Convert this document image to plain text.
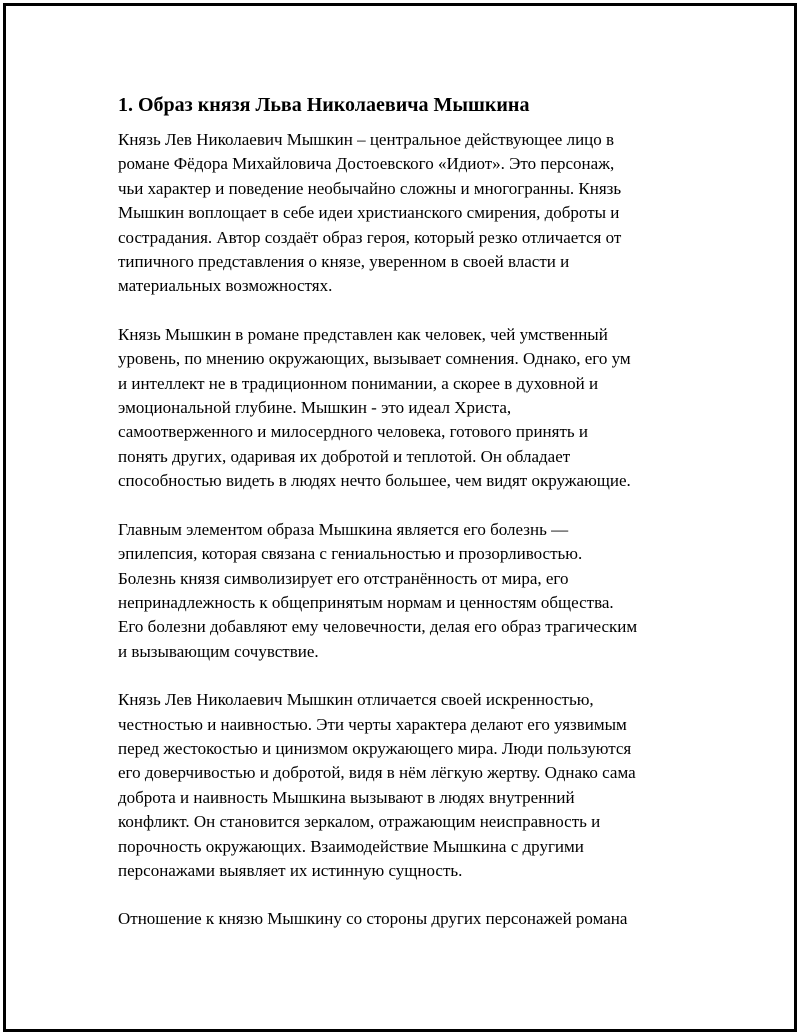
1. Образ князя Льва Николаевича Мышкина
Князь Лев Николаевич Мышкин – центральное действующее лицо в
романе Фёдора Михайловича Достоевского «Идиот». Это персонаж,
чьи характер и поведение необычайно сложны и многогранны. Князь
Мышкин воплощает в себе идеи христианского смирения, доброты и
сострадания. Автор создаёт образ героя, который резко отличается от
типичного представления о князе, уверенном в своей власти и
материальных возможностях.
Князь Мышкин в романе представлен как человек, чей умственный
уровень, по мнению окружающих, вызывает сомнения. Однако, его ум
и интеллект не в традиционном понимании, а скорее в духовной и
эмоциональной глубине. Мышкин - это идеал Христа,
самоотверженного и милосердного человека, готового принять и
понять других, одаривая их добротой и теплотой. Он обладает
способностью видеть в людях нечто большее, чем видят окружающие.
Главным элементом образа Мышкина является его болезнь —
эпилепсия, которая связана с гениальностью и прозорливостью.
Болезнь князя символизирует его отстранённость от мира, его
непринадлежность к общепринятым нормам и ценностям общества.
Его болезни добавляют ему человечности, делая его образ трагическим
и вызывающим сочувствие.
Князь Лев Николаевич Мышкин отличается своей искренностью,
честностью и наивностью. Эти черты характера делают его уязвимым
перед жестокостью и цинизмом окружающего мира. Люди пользуются
его доверчивостью и добротой, видя в нём лёгкую жертву. Однако сама
доброта и наивность Мышкина вызывают в людях внутренний
конфликт. Он становится зеркалом, отражающим неисправность и
порочность окружающих. Взаимодействие Мышкина с другими
персонажами выявляет их истинную сущность.
Отношение к князю Мышкину со стороны других персонажей романа
